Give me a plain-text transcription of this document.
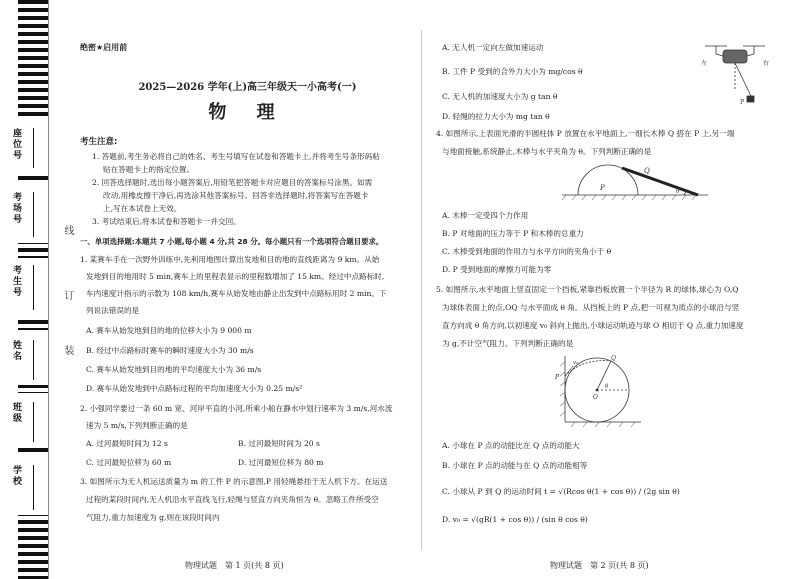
座位号
考场号
考生号
姓名
班级
学校
线
订
装
绝密★启用前
2025—2026 学年(上)高三年级天一小高考(一)
物 理
考生注意:
1. 答题前,考生务必将自己的姓名、考生号填写在试卷和答题卡上,并将考生号条形码粘
贴在答题卡上的指定位置。
2. 回答选择题时,选出每小题答案后,用铅笔把答题卡对应题目的答案标号涂黑。如需
改动,用橡皮擦干净后,再选涂其他答案标号。回答非选择题时,将答案写在答题卡
上,写在本试卷上无效。
3. 考试结束后,将本试卷和答题卡一并交回。
一、单项选择题:本题共 7 小题,每小题 4 分,共 28 分。每小题只有一个选项符合题目要求。
1. 某赛车手在一次野外训练中,先利用地图计算出发地和目的地的直线距离为 9 km。从始
发地到目的地用时 5 min,赛车上的里程表显示的里程数增加了 15 km。经过中点路标时,
车内速度计指示的示数为 108 km/h,赛车从始发地由静止出发到中点路标用时 2 min。下
列说法错误的是
A. 赛车从始发地到目的地的位移大小为 9 000 m
B. 经过中点路标时赛车的瞬时速度大小为 30 m/s
C. 赛车从始发地到目的地的平均速度大小为 36 m/s
D. 赛车从始发地到中点路标过程的平均加速度大小为 0.25 m/s²
2. 小强同学要过一条 60 m 宽、河岸平直的小河,所乘小船在静水中划行速率为 3 m/s,河水流
速为 5 m/s,下列判断正确的是
A. 过河最短时间为 12 s	B. 过河最短时间为 20 s
C. 过河最短位移为 60 m	D. 过河最短位移为 80 m
3. 如图所示为无人机运送质量为 m 的工件 P 的示意图,P 用轻绳悬挂于无人机下方。在运送
过程的某段时间内,无人机沿水平直线飞行,轻绳与竖直方向夹角恒为 θ。忽略工件所受空
气阻力,重力加速度为 g,则在该段时间内
A. 无人机一定向左做加速运动
B. 工件 P 受到的合外力大小为 mg/cos θ
C. 无人机的加速度大小为 g tan θ
D. 轻绳的拉力大小为 mg tan θ
左	右
P
4. 如图所示,上表面光滑的半圆柱体 P 放置在水平地面上,一细长木棒 Q 搭在 P 上,另一端
与地面接触,系统静止,木棒与水平夹角为 θ。下列判断正确的是
P
Q
θ
A. 木棒一定受四个力作用
B. P 对地面的压力等于 P 和木棒的总重力
C. 木棒受到地面的作用力与水平方向的夹角小于 θ
D. P 受到地面的摩擦力可能为零
5. 如图所示,水平地面上竖直固定一个挡板,紧靠挡板放置一个半径为 R 的球体,球心为 O,Q
为球体表面上的点,OQ 与水平面成 θ 角。从挡板上的 P 点,把一可视为质点的小球沿与竖
直方向成 θ 角方向,以初速度 v₀ 斜向上抛出,小球运动轨迹与球 O 相切于 Q 点,重力加速度
为 g,不计空气阻力。下列判断正确的是
P
Q
O
θ
v₀
A. 小球在 P 点的动能比在 Q 点的动能大
B. 小球在 P 点的动能与在 Q 点的动能相等
C. 小球从 P 到 Q 的运动时间 t = √(Rcos θ(1 + cos θ)) / (2g sin θ)
D. v₀ = √(gR(1 + cos θ)) / (sin θ cos θ)
物理试题　第 1 页(共 8 页)	物理试题　第 2 页(共 8 页)
